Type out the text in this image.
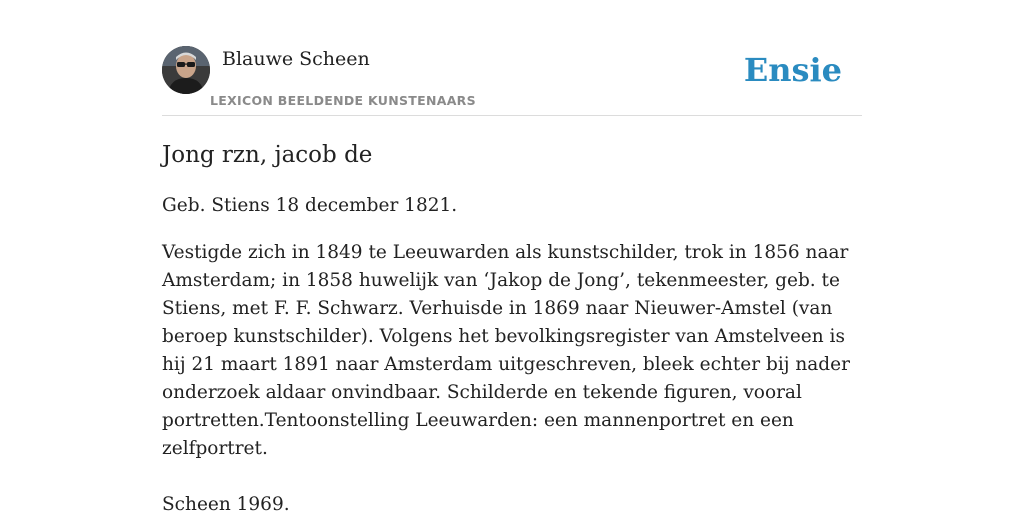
Blauwe Scheen
LEXICON BEELDENDE KUNSTENAARS
Ensie
Jong rzn, jacob de

Geb. Stiens 18 december 1821.

Vestigde zich in 1849 te Leeuwarden als kunstschilder, trok in 1856 naar Amsterdam; in 1858 huwelijk van ‘Jakop de Jong’, tekenmeester, geb. te Stiens, met F. F. Schwarz. Verhuisde in 1869 naar Nieuwer-Amstel (van beroep kunstschilder). Volgens het bevolkingsregister van Amstelveen is hij 21 maart 1891 naar Amsterdam uitgeschreven, bleek echter bij nader onderzoek aldaar onvindbaar. Schilderde en tekende figuren, vooral portretten.Tentoonstelling Leeuwarden: een mannenportret en een zelfportret.

Scheen 1969.
